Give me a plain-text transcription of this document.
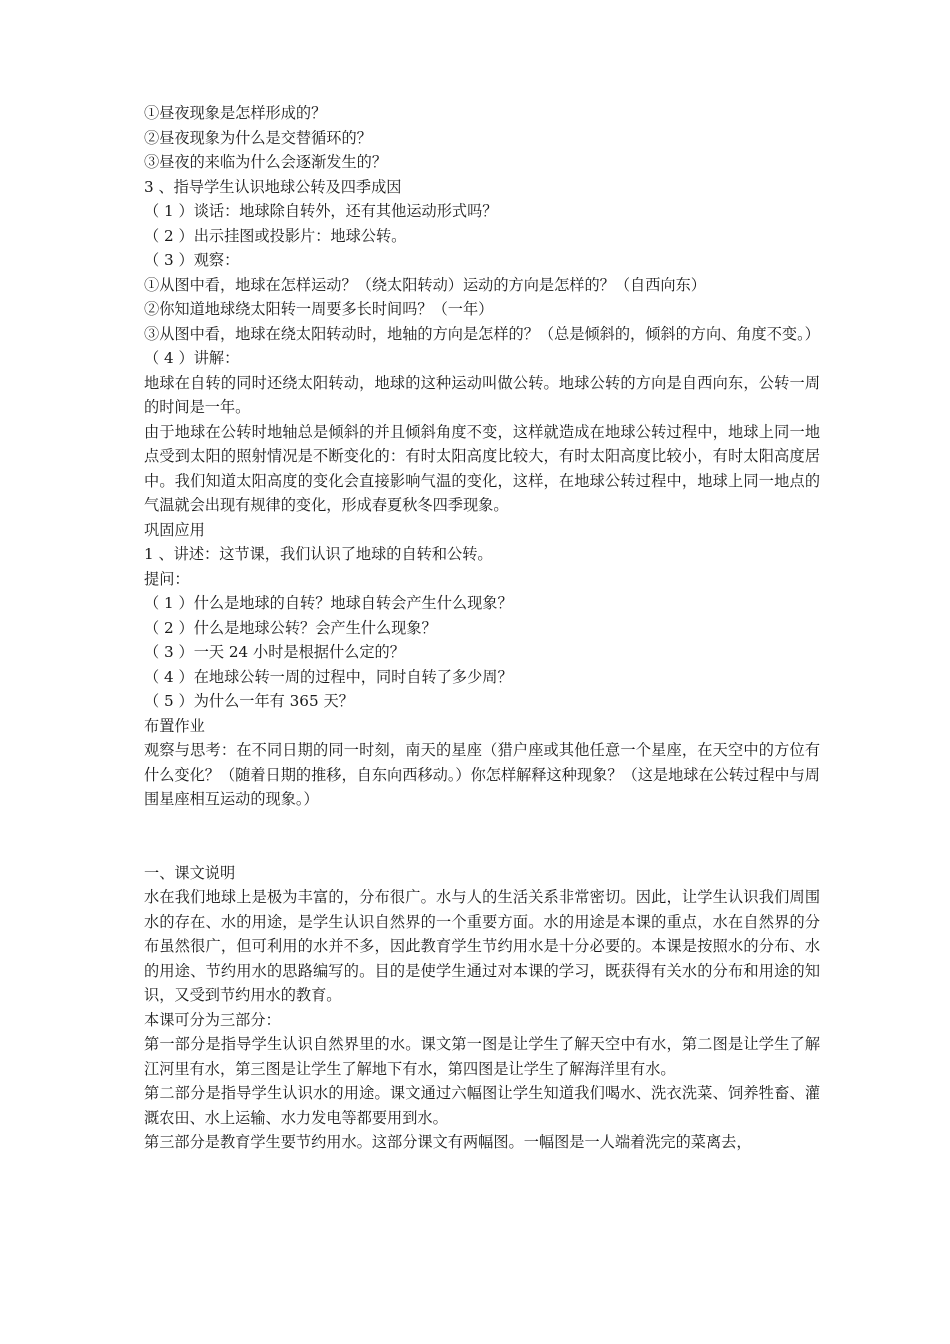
①昼夜现象是怎样形成的？
②昼夜现象为什么是交替循环的？
③昼夜的来临为什么会逐渐发生的？
3 、指导学生认识地球公转及四季成因
（ 1 ）谈话：地球除自转外，还有其他运动形式吗？
（ 2 ）出示挂图或投影片：地球公转。
（ 3 ）观察：
①从图中看，地球在怎样运动？（绕太阳转动）运动的方向是怎样的？（自西向东）
②你知道地球绕太阳转一周要多长时间吗？（一年）

③从图中看，地球在绕太阳转动时，地轴的方向是怎样的？（总是倾斜的，倾斜的方向、角度不变。）

（ 4 ）讲解：

地球在自转的同时还绕太阳转动，地球的这种运动叫做公转。地球公转的方向是自西向东，公转一周的时间是一年。

由于地球在公转时地轴总是倾斜的并且倾斜角度不变，这样就造成在地球公转过程中，地球上同一地点受到太阳的照射情况是不断变化的：有时太阳高度比较大，有时太阳高度比较小，有时太阳高度居中。我们知道太阳高度的变化会直接影响气温的变化，这样，在地球公转过程中，地球上同一地点的气温就会出现有规律的变化，形成春夏秋冬四季现象。

巩固应用
1 、讲述：这节课，我们认识了地球的自转和公转。
提问：
（ 1 ）什么是地球的自转？地球自转会产生什么现象？
（ 2 ）什么是地球公转？会产生什么现象？
（ 3 ）一天 24 小时是根据什么定的？
（ 4 ）在地球公转一周的过程中，同时自转了多少周？
（ 5 ）为什么一年有 365 天？
布置作业

观察与思考：在不同日期的同一时刻，南天的星座（猎户座或其他任意一个星座，在天空中的方位有什么变化？（随着日期的推移，自东向西移动。）你怎样解释这种现象？（这是地球在公转过程中与周围星座相互运动的现象。）

一、课文说明

水在我们地球上是极为丰富的，分布很广。水与人的生活关系非常密切。因此，让学生认识我们周围水的存在、水的用途，是学生认识自然界的一个重要方面。水的用途是本课的重点，水在自然界的分布虽然很广，但可利用的水并不多，因此教育学生节约用水是十分必要的。本课是按照水的分布、水的用途、节约用水的思路编写的。目的是使学生通过对本课的学习，既获得有关水的分布和用途的知识，又受到节约用水的教育。

本课可分为三部分：

第一部分是指导学生认识自然界里的水。课文第一图是让学生了解天空中有水，第二图是让学生了解江河里有水，第三图是让学生了解地下有水，第四图是让学生了解海洋里有水。

第二部分是指导学生认识水的用途。课文通过六幅图让学生知道我们喝水、洗衣洗菜、饲养牲畜、灌溉农田、水上运输、水力发电等都要用到水。

第三部分是教育学生要节约用水。这部分课文有两幅图。一幅图是一人端着洗完的菜离去，
